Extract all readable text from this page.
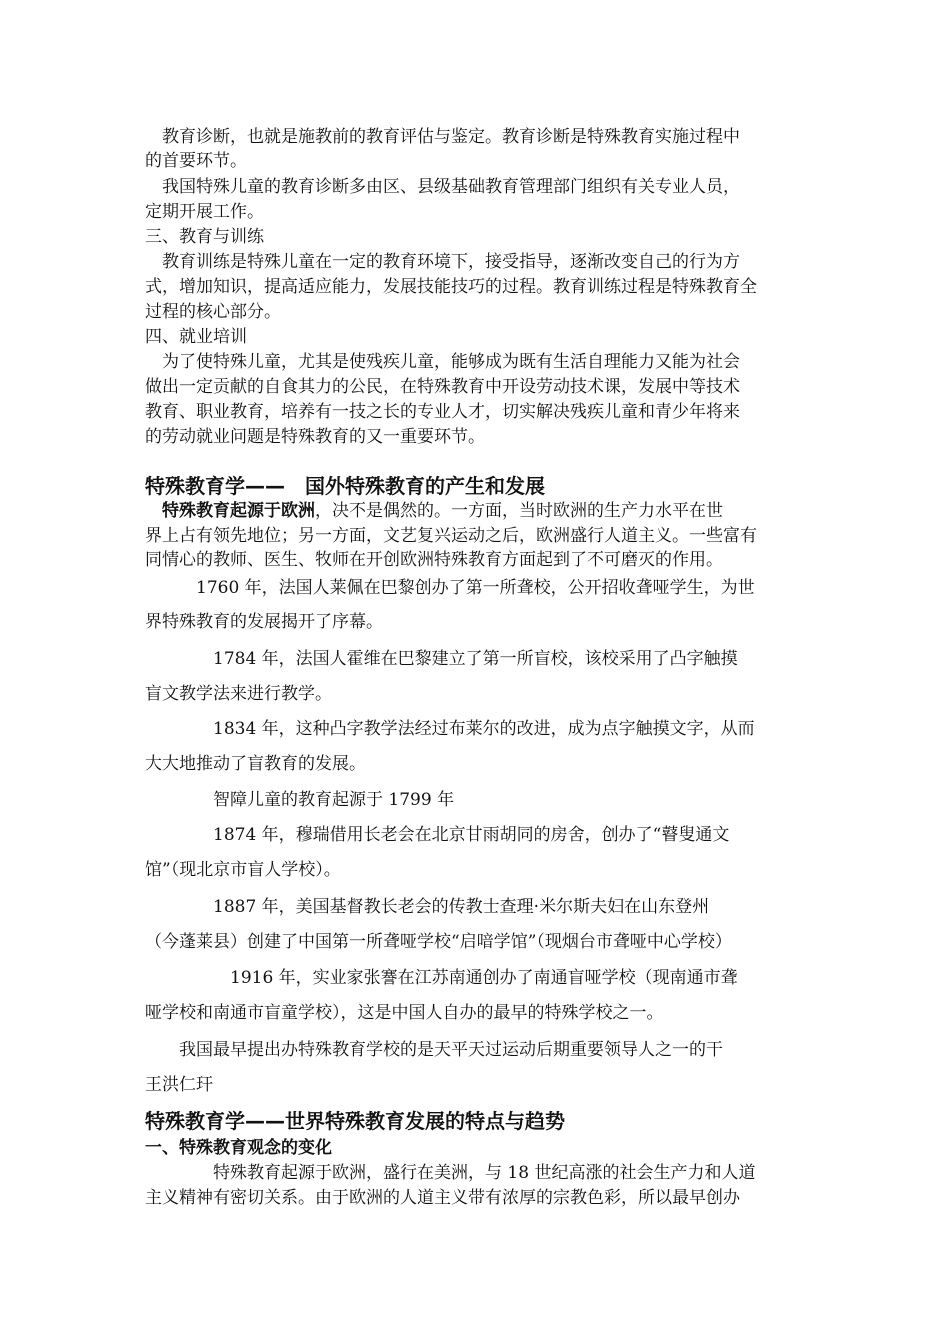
　教育诊断，也就是施教前的教育评估与鉴定。教育诊断是特殊教育实施过程中
的首要环节。
　我国特殊儿童的教育诊断多由区、县级基础教育管理部门组织有关专业人员，
定期开展工作。
三、教育与训练
　教育训练是特殊儿童在一定的教育环境下，接受指导，逐渐改变自己的行为方
式，增加知识，提高适应能力，发展技能技巧的过程。教育训练过程是特殊教育全
过程的核心部分。
四、就业培训
　为了使特殊儿童，尤其是使残疾儿童，能够成为既有生活自理能力又能为社会
做出一定贡献的自食其力的公民，在特殊教育中开设劳动技术课，发展中等技术
教育、职业教育，培养有一技之长的专业人才，切实解决残疾儿童和青少年将来
的劳动就业问题是特殊教育的又一重要环节。
特殊教育学——　国外特殊教育的产生和发展
　特殊教育起源于欧洲，决不是偶然的。一方面，当时欧洲的生产力水平在世
界上占有领先地位；另一方面，文艺复兴运动之后，欧洲盛行人道主义。一些富有
同情心的教师、医生、牧师在开创欧洲特殊教育方面起到了不可磨灭的作用。
　　　1760 年，法国人莱佩在巴黎创办了第一所聋校，公开招收聋哑学生，为世
界特殊教育的发展揭开了序幕。
　　　　1784 年，法国人霍维在巴黎建立了第一所盲校，该校采用了凸字触摸
盲文教学法来进行教学。
　　　　1834 年，这种凸字教学法经过布莱尔的改进，成为点字触摸文字，从而
大大地推动了盲教育的发展。
　　　　智障儿童的教育起源于 1799 年
　　　　1874 年，穆瑞借用长老会在北京甘雨胡同的房舍，创办了“瞽叟通文
馆”（现北京市盲人学校）。
　　　　1887 年，美国基督教长老会的传教士查理·米尔斯夫妇在山东登州
（今蓬莱县）创建了中国第一所聋哑学校“启喑学馆”（现烟台市聋哑中心学校）
　　　　　1916 年，实业家张謇在江苏南通创办了南通盲哑学校（现南通市聋
哑学校和南通市盲童学校），这是中国人自办的最早的特殊学校之一。
　　我国最早提出办特殊教育学校的是天平天过运动后期重要领导人之一的干
王洪仁玕
特殊教育学——世界特殊教育发展的特点与趋势
一、特殊教育观念的变化
　　　　特殊教育起源于欧洲，盛行在美洲，与 18 世纪高涨的社会生产力和人道
主义精神有密切关系。由于欧洲的人道主义带有浓厚的宗教色彩，所以最早创办
